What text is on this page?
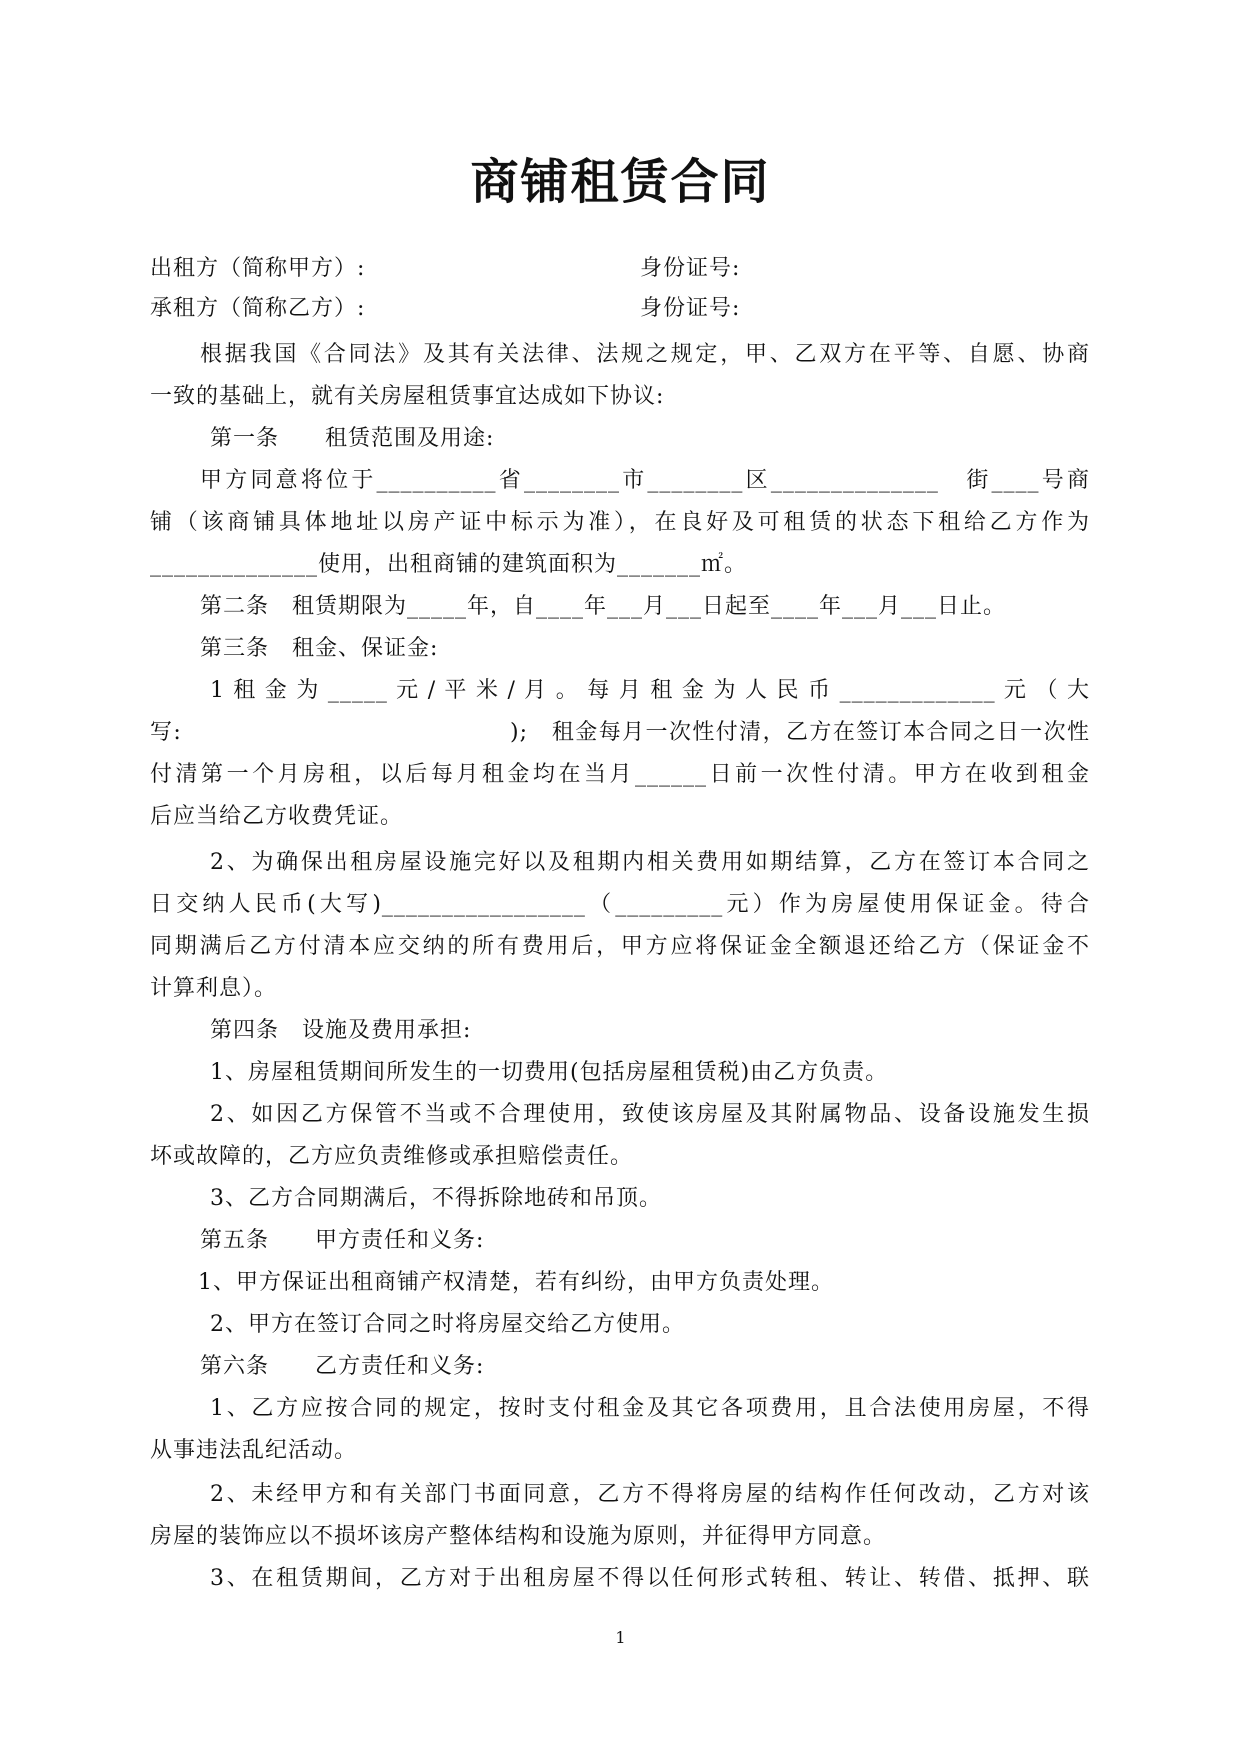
商铺租赁合同
出租方（简称甲方）:	身份证号:
承租方（简称乙方）:	身份证号:
根据我国《合同法》及其有关法律、法规之规定，甲、乙双方在平等、自愿、协商
一致的基础上，就有关房屋租赁事宜达成如下协议:
第一条　　租赁范围及用途:
甲方同意将位于__________省________市________区______________　街____号商
铺（该商铺具体地址以房产证中标示为准），在良好及可租赁的状态下租给乙方作为
______________使用，出租商铺的建筑面积为_______㎡。
第二条　租赁期限为_____年，自____年___月___日起至____年___月___日止。
第三条　租金、保证金:
1 租 金 为 _____ 元 / 平 米 / 月 。 每 月 租 金 为 人 民 币 _____________ 元 （ 大
写:　　　　　　　　　　　　　　);　租金每月一次性付清，乙方在签订本合同之日一次性
付清第一个月房租，以后每月租金均在当月______日前一次性付清。甲方在收到租金
后应当给乙方收费凭证。
2、为确保出租房屋设施完好以及租期内相关费用如期结算，乙方在签订本合同之
日交纳人民币(大写)_________________（_________元）作为房屋使用保证金。待合
同期满后乙方付清本应交纳的所有费用后，甲方应将保证金全额退还给乙方（保证金不
计算利息）。
第四条　设施及费用承担:
1、房屋租赁期间所发生的一切费用(包括房屋租赁税)由乙方负责。
2、如因乙方保管不当或不合理使用，致使该房屋及其附属物品、设备设施发生损
坏或故障的，乙方应负责维修或承担赔偿责任。
3、乙方合同期满后，不得拆除地砖和吊顶。
第五条　　甲方责任和义务:
1、甲方保证出租商铺产权清楚，若有纠纷，由甲方负责处理。
2、甲方在签订合同之时将房屋交给乙方使用。
第六条　　乙方责任和义务:
1、乙方应按合同的规定，按时支付租金及其它各项费用，且合法使用房屋，不得
从事违法乱纪活动。
2、未经甲方和有关部门书面同意，乙方不得将房屋的结构作任何改动，乙方对该
房屋的装饰应以不损坏该房产整体结构和设施为原则，并征得甲方同意。
3、在租赁期间，乙方对于出租房屋不得以任何形式转租、转让、转借、抵押、联
1
